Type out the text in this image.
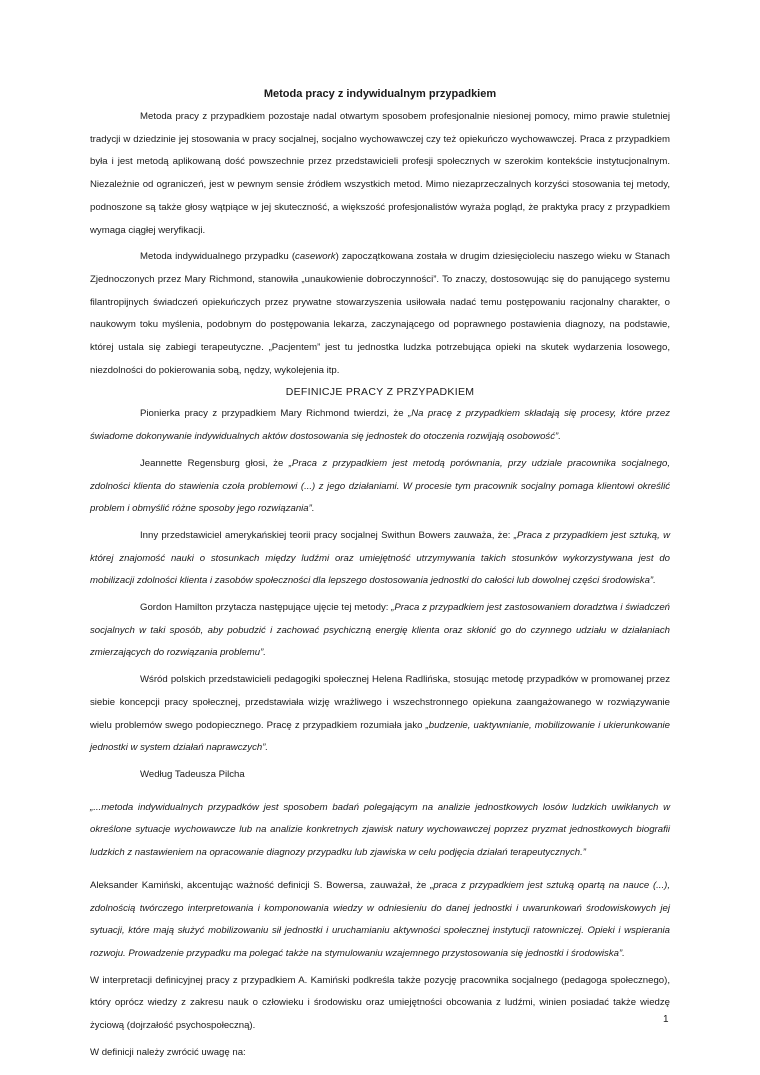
Metoda pracy z indywidualnym przypadkiem

Metoda pracy z przypadkiem pozostaje nadal otwartym sposobem profesjonalnie niesionej pomocy, mimo prawie stuletniej tradycji w dziedzinie jej stosowania w pracy socjalnej, socjalno wychowawczej czy też opiekuńczo wychowawczej. Praca z przypadkiem była i jest metodą aplikowaną dość powszechnie przez przedstawicieli profesji społecznych w szerokim kontekście instytucjonalnym. Niezależnie od ograniczeń, jest w pewnym sensie źródłem wszystkich metod. Mimo niezaprzeczalnych korzyści stosowania tej metody, podnoszone są także głosy wątpiące w jej skuteczność, a większość profesjonalistów wyraża pogląd, że praktyka pracy z przypadkiem wymaga ciągłej weryfikacji.

Metoda indywidualnego przypadku (casework) zapoczątkowana została w drugim dziesięcioleciu naszego wieku w Stanach Zjednoczonych przez Mary Richmond, stanowiła „unaukowienie dobroczynności”. To znaczy, dostosowując się do panującego systemu filantropijnych świadczeń opiekuńczych przez prywatne stowarzyszenia usiłowała nadać temu postępowaniu racjonalny charakter, o naukowym toku myślenia, podobnym do postępowania lekarza, zaczynającego od poprawnego postawienia diagnozy, na podstawie, której ustala się zabiegi terapeutyczne. „Pacjentem” jest tu jednostka ludzka potrzebująca opieki na skutek wydarzenia losowego, niezdolności do pokierowania sobą, nędzy, wykolejenia itp.

DEFINICJE PRACY Z PRZYPADKIEM

Pionierka pracy z przypadkiem Mary Richmond twierdzi, że „Na pracę z przypadkiem składają się procesy, które przez świadome dokonywanie indywidualnych aktów dostosowania się jednostek do otoczenia rozwijają osobowość”.

Jeannette Regensburg głosi, że „Praca z przypadkiem jest metodą porównania, przy udziale pracownika socjalnego, zdolności klienta do stawienia czoła problemowi (...) z jego działaniami. W procesie tym pracownik socjalny pomaga klientowi określić problem i obmyślić różne sposoby jego rozwiązania”.

Inny przedstawiciel amerykańskiej teorii pracy socjalnej Swithun Bowers zauważa, że: „Praca z przypadkiem jest sztuką, w której znajomość nauki o stosunkach między ludźmi oraz umiejętność utrzymywania takich stosunków wykorzystywana jest do mobilizacji zdolności klienta i zasobów społeczności dla lepszego dostosowania jednostki do całości lub dowolnej części środowiska”.

Gordon Hamilton przytacza następujące ujęcie tej metody: „Praca z przypadkiem jest zastosowaniem doradztwa i świadczeń socjalnych w taki sposób, aby pobudzić i zachować psychiczną energię klienta oraz skłonić go do czynnego udziału w działaniach zmierzających do rozwiązania problemu”.

Wśród polskich przedstawicieli pedagogiki społecznej Helena Radlińska, stosując metodę przypadków w promowanej przez siebie koncepcji pracy społecznej, przedstawiała wizję wrażliwego i wszechstronnego opiekuna zaangażowanego w rozwiązywanie wielu problemów swego podopiecznego. Pracę z przypadkiem rozumiała jako „budzenie, uaktywnianie, mobilizowanie i ukierunkowanie jednostki w system działań naprawczych”.

Według Tadeusza Pilcha

„...metoda indywidualnych przypadków jest sposobem badań polegającym na analizie jednostkowych losów ludzkich uwikłanych w określone sytuacje wychowawcze lub na analizie konkretnych zjawisk natury wychowawczej poprzez pryzmat jednostkowych biografii ludzkich z nastawieniem na opracowanie diagnozy przypadku lub zjawiska w celu podjęcia działań terapeutycznych.”

Aleksander Kamiński, akcentując ważność definicji S. Bowersa, zauważał, że „praca z przypadkiem jest sztuką opartą na nauce (...), zdolnością twórczego interpretowania i komponowania wiedzy w odniesieniu do danej jednostki i uwarunkowań środowiskowych jej sytuacji, które mają służyć mobilizowaniu sił jednostki i uruchamianiu aktywności społecznej instytucji ratowniczej. Opieki i wspierania rozwoju. Prowadzenie przypadku ma polegać także na stymulowaniu wzajemnego przystosowania się jednostki i środowiska”.

W interpretacji definicyjnej pracy z przypadkiem A. Kamiński podkreśla także pozycję pracownika socjalnego (pedagoga społecznego), który oprócz wiedzy z zakresu nauk o człowieku i środowisku oraz umiejętności obcowania z ludźmi, winien posiadać także wiedzę życiową (dojrzałość psychospołeczną).

W definicji należy zwrócić uwagę na:

1
